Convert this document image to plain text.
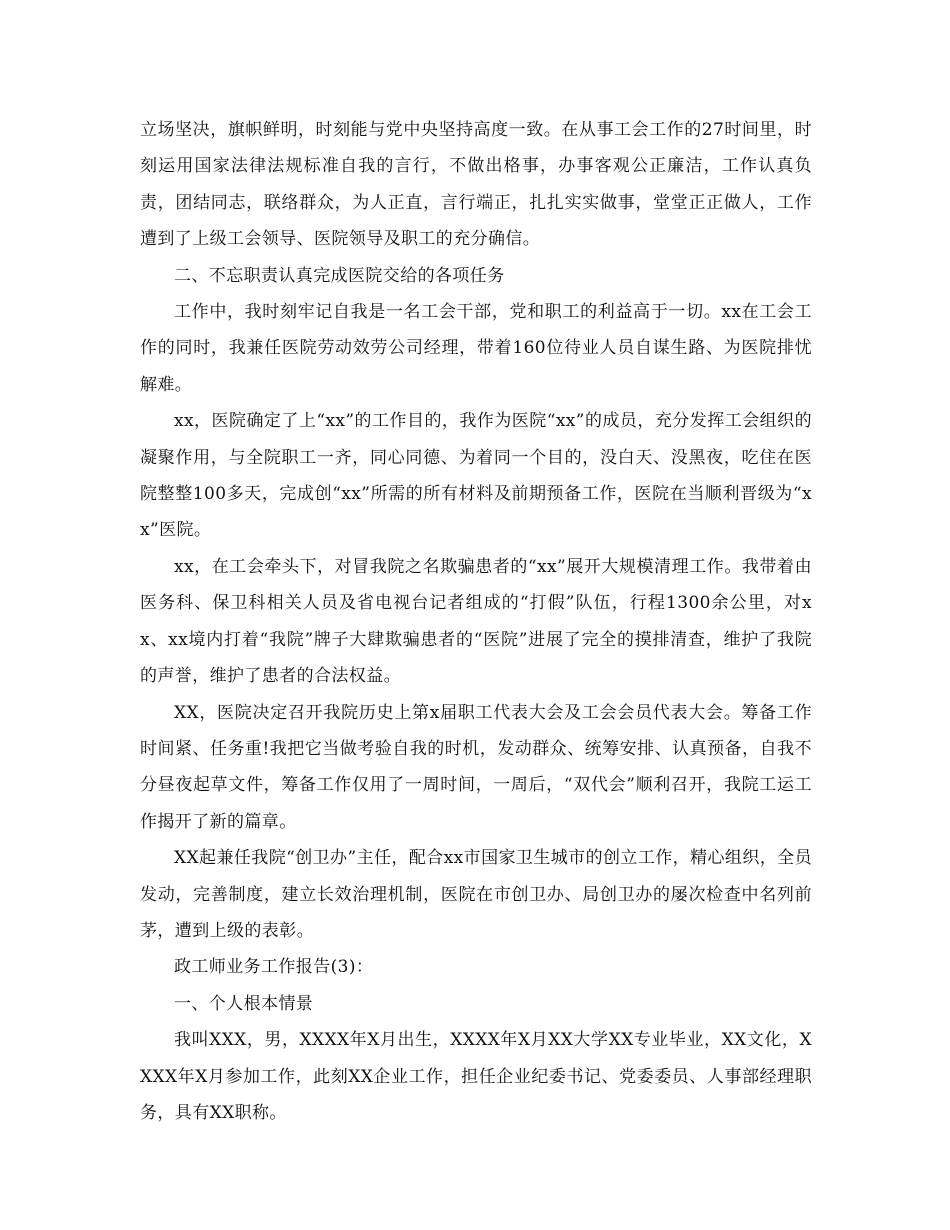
立场坚决，旗帜鲜明，时刻能与党中央坚持高度一致。在从事工会工作的27时间里，时刻运用国家法律法规标准自我的言行，不做出格事，办事客观公正廉洁，工作认真负责，团结同志，联络群众，为人正直，言行端正，扎扎实实做事，堂堂正正做人，工作遭到了上级工会领导、医院领导及职工的充分确信。

二、不忘职责认真完成医院交给的各项任务

工作中，我时刻牢记自我是一名工会干部，党和职工的利益高于一切。xx在工会工作的同时，我兼任医院劳动效劳公司经理，带着160位待业人员自谋生路、为医院排忧解难。

xx，医院确定了上“xx”的工作目的，我作为医院“xx”的成员，充分发挥工会组织的凝聚作用，与全院职工一齐，同心同德、为着同一个目的，没白天、没黑夜，吃住在医院整整100多天，完成创“xx”所需的所有材料及前期预备工作，医院在当顺利晋级为“xx”医院。

xx，在工会牵头下，对冒我院之名欺骗患者的“xx”展开大规模清理工作。我带着由医务科、保卫科相关人员及省电视台记者组成的“打假”队伍，行程1300余公里，对xx、xx境内打着“我院”牌子大肆欺骗患者的“医院”进展了完全的摸排清查，维护了我院的声誉，维护了患者的合法权益。

XX，医院决定召开我院历史上第x届职工代表大会及工会会员代表大会。筹备工作时间紧、任务重!我把它当做考验自我的时机，发动群众、统筹安排、认真预备，自我不分昼夜起草文件，筹备工作仅用了一周时间，一周后，“双代会”顺利召开，我院工运工作揭开了新的篇章。

XX起兼任我院“创卫办”主任，配合xx市国家卫生城市的创立工作，精心组织，全员发动，完善制度，建立长效治理机制，医院在市创卫办、局创卫办的屡次检查中名列前茅，遭到上级的表彰。

政工师业务工作报告(3)：

一、个人根本情景

我叫XXX，男，XXXX年X月出生，XXXX年X月XX大学XX专业毕业，XX文化，XXXX年X月参加工作，此刻XX企业工作，担任企业纪委书记、党委委员、人事部经理职务，具有XX职称。
